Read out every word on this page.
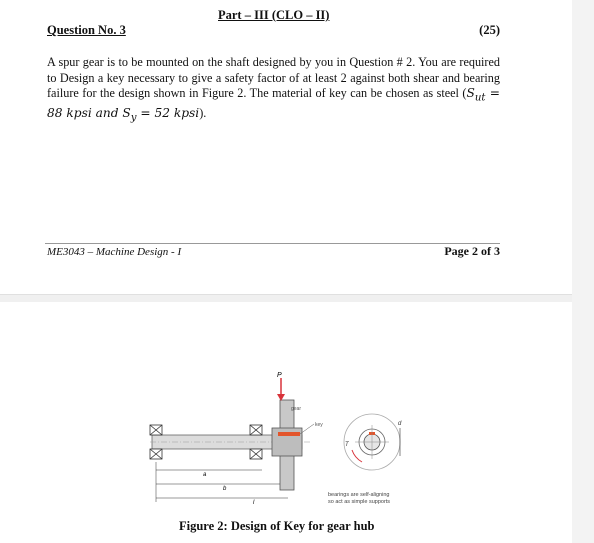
Part – III (CLO – II)
Question No. 3	(25)
A spur gear is to be mounted on the shaft designed by you in Question # 2. You are required to Design a key necessary to give a safety factor of at least 2 against both shear and bearing failure for the design shown in Figure 2. The material of key can be chosen as steel ($S_{ut} = 88$ kpsi and $S_y = 52$ kpsi).
ME3043 – Machine Design - I	Page 2 of 3
P
gear
key
T
d
a
b
l
bearings are self-aligning
so act as simple supports
Figure 2: Design of Key for gear hub
